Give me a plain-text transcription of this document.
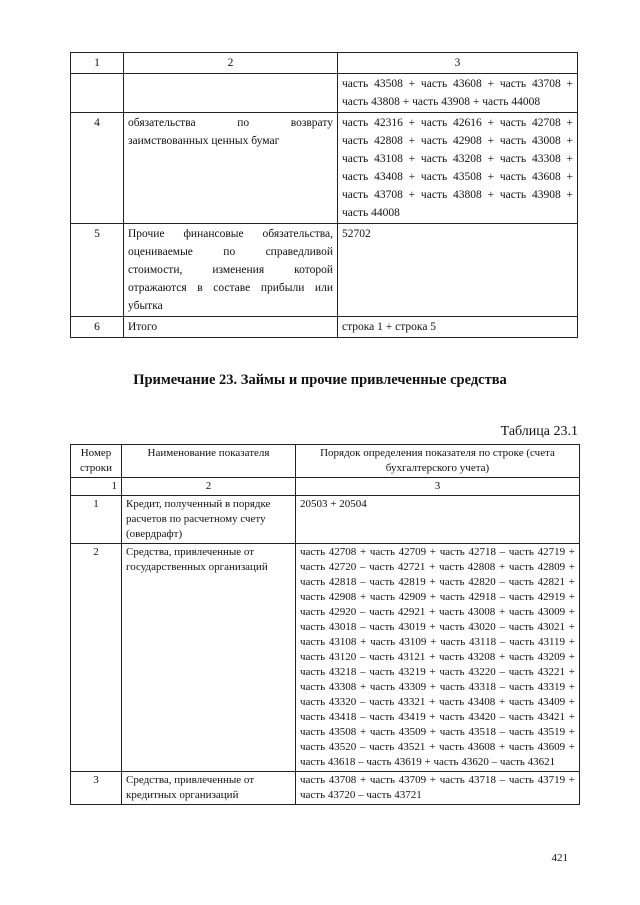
1	2	3
		часть 43508 + часть 43608 + часть 43708 + часть 43808 + часть 43908 + часть 44008
4	обязательства по возврату заимствованных ценных бумаг	часть 42316 + часть 42616 + часть 42708 + часть 42808 + часть 42908 + часть 43008 + часть 43108 + часть 43208 + часть 43308 + часть 43408 + часть 43508 + часть 43608 + часть 43708 + часть 43808 + часть 43908 + часть 44008
5	Прочие финансовые обязательства, оцениваемые по справедливой стоимости, изменения которой отражаются в составе прибыли или убытка	52702
6	Итого	строка 1 + строка 5
Примечание 23. Займы и прочие привлеченные средства
Таблица 23.1
Номер строки	Наименование показателя	Порядок определения показателя по строке (счета бухгалтерского учета)
1	2	3
1	Кредит, полученный в порядке расчетов по расчетному счету (овердрафт)	20503 + 20504
2	Средства, привлеченные от государственных организаций	часть 42708 + часть 42709 + часть 42718 – часть 42719 + часть 42720 – часть 42721 + часть 42808 + часть 42809 + часть 42818 – часть 42819 + часть 42820 – часть 42821 + часть 42908 + часть 42909 + часть 42918 – часть 42919 + часть 42920 – часть 42921 + часть 43008 + часть 43009 + часть 43018 – часть 43019 + часть 43020 – часть 43021 + часть 43108 + часть 43109 + часть 43118 – часть 43119 + часть 43120 – часть 43121 + часть 43208 + часть 43209 + часть 43218 – часть 43219 + часть 43220 – часть 43221 + часть 43308 + часть 43309 + часть 43318 – часть 43319 + часть 43320 – часть 43321 + часть 43408 + часть 43409 + часть 43418 – часть 43419 + часть 43420 – часть 43421 + часть 43508 + часть 43509 + часть 43518 – часть 43519 + часть 43520 – часть 43521 + часть 43608 + часть 43609 + часть 43618 – часть 43619 + часть 43620 – часть 43621
3	Средства, привлеченные от кредитных организаций	часть 43708 + часть 43709 + часть 43718 – часть 43719 + часть 43720 – часть 43721
421
